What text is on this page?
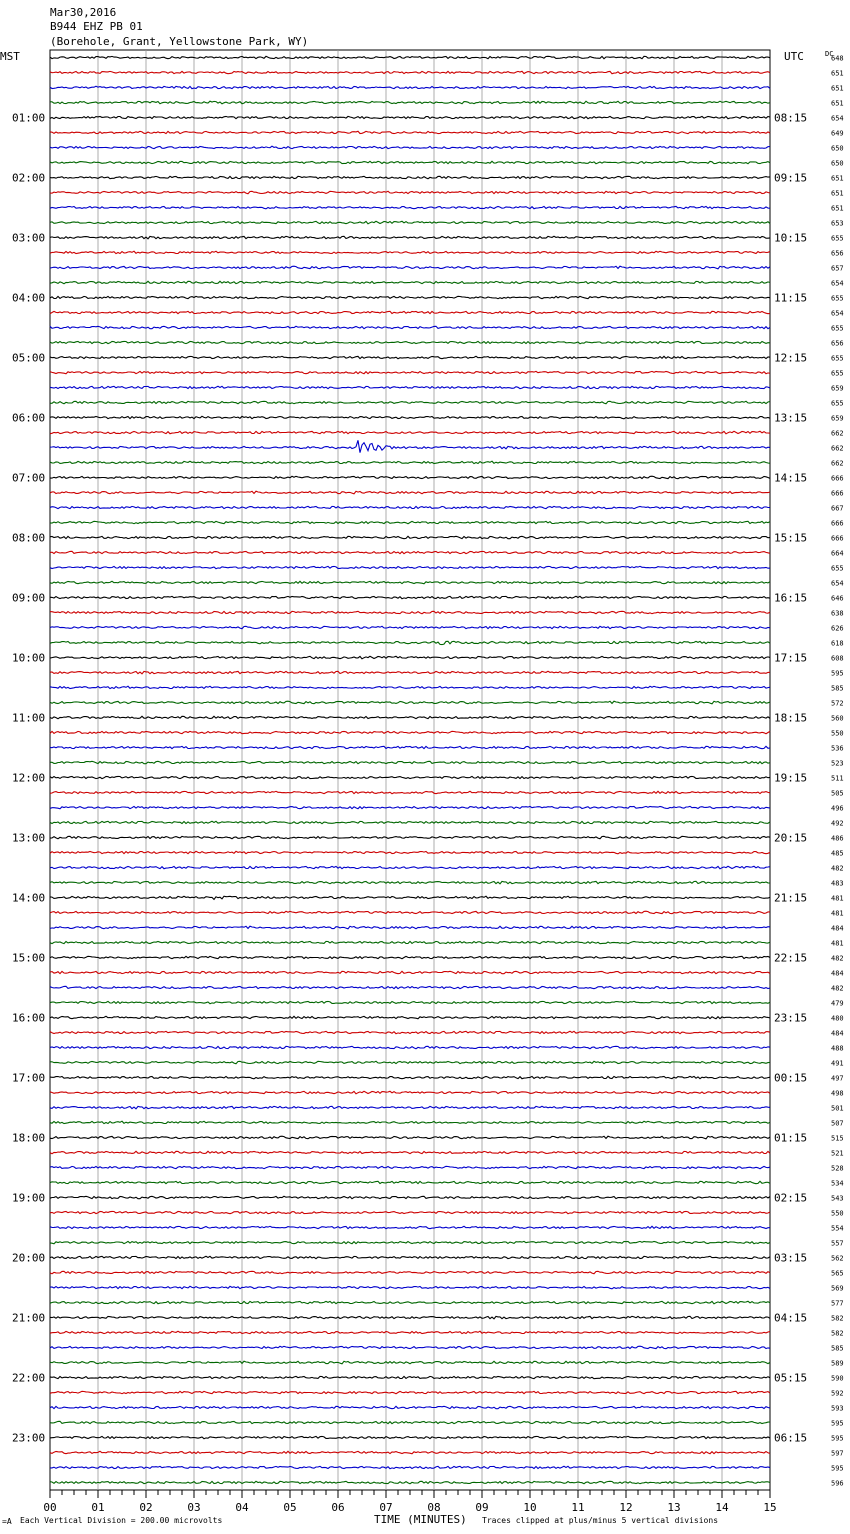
Mar30,2016
B944 EHZ PB 01
(Borehole, Grant, Yellowstone Park, WY)
MST	UTC	DC
01:00
02:00
03:00
04:00
05:00
06:00
07:00
08:00
09:00
10:00
11:00
12:00
13:00
14:00
15:00
16:00
17:00
18:00
19:00
20:00
21:00
22:00
23:00
08:15
09:15
10:15
11:15
12:15
13:15
14:15
15:15
16:15
17:15
18:15
19:15
20:15
21:15
22:15
23:15
00:15
01:15
02:15
03:15
04:15
05:15
06:15
648
651
651
651
654
649
650
650
651
651
651
653
655
656
657
654
655
654
655
656
655
655
659
655
659
662
662
662
666
666
667
666
666
664
655
654
646
638
626
618
608
595
585
572
560
550
536
523
511
505
496
492
486
485
482
483
481
481
484
481
482
484
482
479
480
484
488
491
497
498
501
507
515
521
528
534
543
550
554
557
562
565
569
577
582
582
585
589
590
592
593
595
595
597
595
596
00	01	02	03	04	05	06	07	08	09	10	11	12	13	14	15
=A Each Vertical Division = 200.00 microvolts	TIME (MINUTES) Traces clipped at plus/minus 5 vertical divisions
